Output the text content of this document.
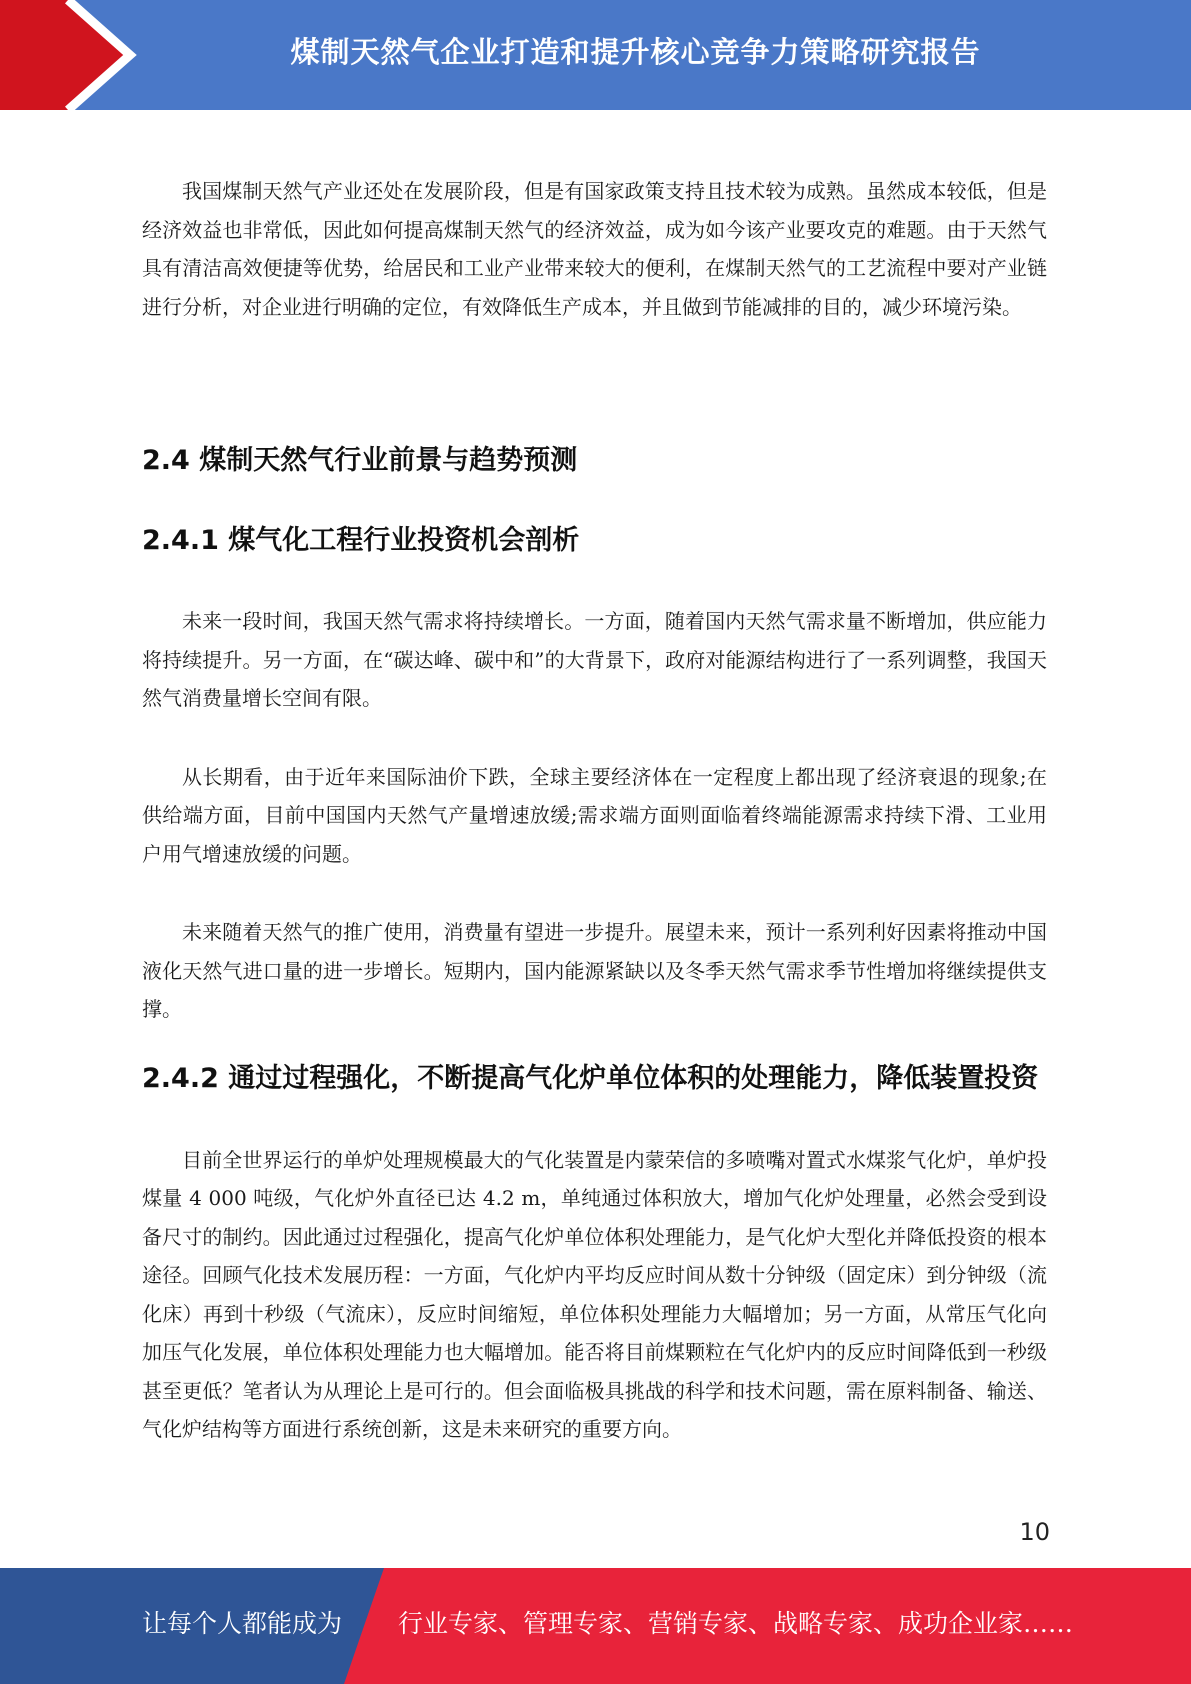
煤制天然气企业打造和提升核心竞争力策略研究报告

我国煤制天然气产业还处在发展阶段，但是有国家政策支持且技术较为成熟。虽然成本较低，但是经济效益也非常低，因此如何提高煤制天然气的经济效益，成为如今该产业要攻克的难题。由于天然气具有清洁高效便捷等优势，给居民和工业产业带来较大的便利，在煤制天然气的工艺流程中要对产业链进行分析，对企业进行明确的定位，有效降低生产成本，并且做到节能减排的目的，减少环境污染。

2.4 煤制天然气行业前景与趋势预测
2.4.1 煤气化工程行业投资机会剖析

未来一段时间，我国天然气需求将持续增长。一方面，随着国内天然气需求量不断增加，供应能力将持续提升。另一方面，在“碳达峰、碳中和”的大背景下，政府对能源结构进行了一系列调整，我国天然气消费量增长空间有限。

从长期看，由于近年来国际油价下跌，全球主要经济体在一定程度上都出现了经济衰退的现象;在供给端方面，目前中国国内天然气产量增速放缓;需求端方面则面临着终端能源需求持续下滑、工业用户用气增速放缓的问题。

未来随着天然气的推广使用，消费量有望进一步提升。展望未来，预计一系列利好因素将推动中国液化天然气进口量的进一步增长。短期内，国内能源紧缺以及冬季天然气需求季节性增加将继续提供支撑。

2.4.2 通过过程强化，不断提高气化炉单位体积的处理能力，降低装置投资

目前全世界运行的单炉处理规模最大的气化装置是内蒙荣信的多喷嘴对置式水煤浆气化炉，单炉投煤量 4 000 吨级，气化炉外直径已达 4.2 m，单纯通过体积放大，增加气化炉处理量，必然会受到设备尺寸的制约。因此通过过程强化，提高气化炉单位体积处理能力，是气化炉大型化并降低投资的根本途径。回顾气化技术发展历程：一方面，气化炉内平均反应时间从数十分钟级（固定床）到分钟级（流化床）再到十秒级（气流床），反应时间缩短，单位体积处理能力大幅增加；另一方面，从常压气化向加压气化发展，单位体积处理能力也大幅增加。能否将目前煤颗粒在气化炉内的反应时间降低到一秒级甚至更低？笔者认为从理论上是可行的。但会面临极具挑战的科学和技术问题，需在原料制备、输送、气化炉结构等方面进行系统创新，这是未来研究的重要方向。

10
让每个人都能成为 行业专家、管理专家、营销专家、战略专家、成功企业家……
